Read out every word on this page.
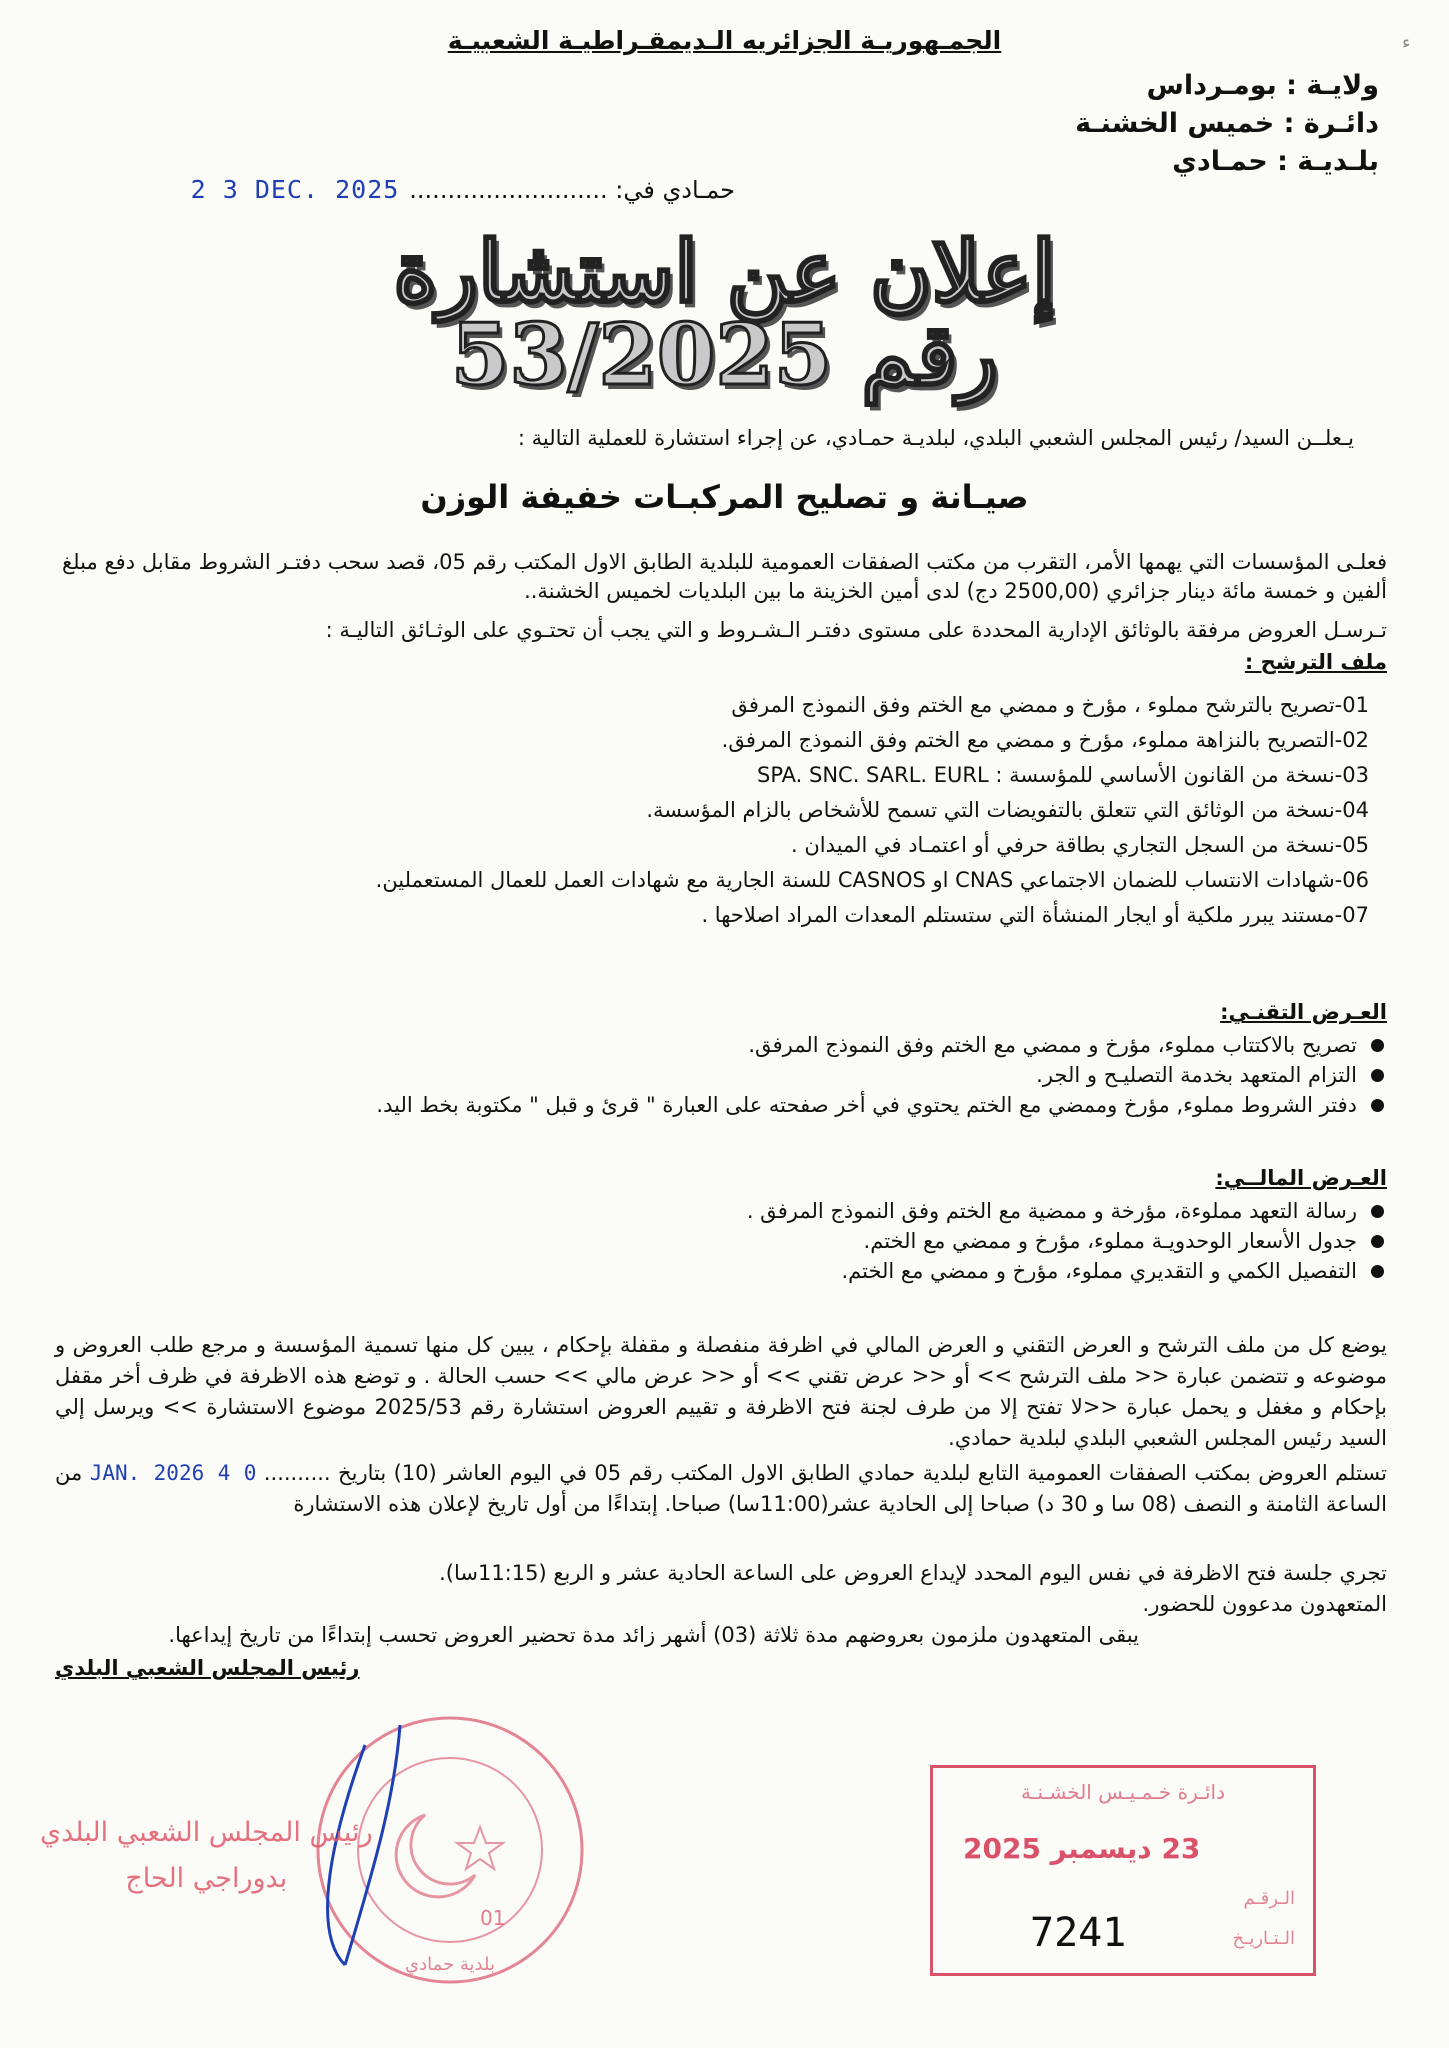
ء
الجمـهوريـة الجزائريه الـديمقـراطيـة الشعبيـة
ولايـة : بومـرداس
دائـرة : خميس الخشنـة
بلـديـة : حمـادي
حمـادي في: ..........................
2 3 DEC. 2025
إعلان عن استشارة
رقم 53/2025
يـعلــن السيد/ رئيس المجلس الشعبي البلدي، لبلديـة حمـادي، عن إجراء استشارة للعملية التالية :
صيـانة و تصليح المركبـات خفيفة الوزن
فعلـى المؤسسات التي يهمها الأمر، التقرب من مكتب الصفقات العمومية للبلدية الطابق الاول المكتب رقم 05، قصد سحب دفتـر الشروط مقابل دفع مبلغ ألفين و خمسة مائة دينار جزائري (2500,00 دج) لدى أمين الخزينة ما بين البلديات لخميس الخشنة..
تـرسـل العروض مرفقة بالوثائق الإدارية المحددة على مستوى دفتـر الـشـروط و التي يجب أن تحتـوي على الوثـائق التاليـة :
ملف الترشح :
01-تصريح بالترشح مملوء ، مؤرخ و ممضي مع الختم وفق النموذج المرفق
02-التصريح بالنزاهة مملوء، مؤرخ و ممضي مع الختم وفق النموذج المرفق.
03-نسخة من القانون الأساسي للمؤسسة : SPA. SNC. SARL. EURL
04-نسخة من الوثائق التي تتعلق بالتفويضات التي تسمح للأشخاص بالزام المؤسسة.
05-نسخة من السجل التجاري بطاقة حرفي أو اعتمـاد في الميدان .
06-شهادات الانتساب للضمان الاجتماعي CNAS او CASNOS للسنة الجارية مع شهادات العمل للعمال المستعملين.
07-مستند يبرر ملكية أو ايجار المنشأة التي ستستلم المعدات المراد اصلاحها .
العـرض التقنـي:
تصريح بالاكتتاب مملوء، مؤرخ و ممضي مع الختم وفق النموذج المرفق.
التزام المتعهد بخدمة التصليـح و الجر.
دفتر الشروط مملوء, مؤرخ وممضي مع الختم يحتوي في أخر صفحته على العبارة " قرئ و قبل " مكتوبة بخط اليد.
العـرض المالــي:
رسالة التعهد مملوءة، مؤرخة و ممضية مع الختم وفق النموذج المرفق .
جدول الأسعار الوحدويـة مملوء، مؤرخ و ممضي مع الختم.
التفصيل الكمي و التقديري مملوء، مؤرخ و ممضي مع الختم.
يوضع كل من ملف الترشح و العرض التقني و العرض المالي في اظرفة منفصلة و مقفلة بإحكام ، يبين كل منها تسمية المؤسسة و مرجع طلب العروض و موضوعه و تتضمن عبارة << ملف الترشح >> أو << عرض تقني >> أو << عرض مالي >> حسب الحالة . و توضع هذه الاظرفة في ظرف أخر مقفل بإحكام و مغفل و يحمل عبارة <<لا تفتح إلا من طرف لجنة فتح الاظرفة و تقييم العروض استشارة رقم 2025/53 موضوع الاستشارة >> ويرسل إلي السيد رئيس المجلس الشعبي البلدي لبلدية حمادي.
تستلم العروض بمكتب الصفقات العمومية التابع لبلدية حمادي الطابق الاول المكتب رقم 05 في اليوم العاشر (10) بتاريخ .......... 0 4 JAN. 2026 من الساعة الثامنة و النصف (08 سا و 30 د) صباحا إلى الحادية عشر(11:00سا) صباحا. إبتداءًا من أول تاريخ لإعلان هذه الاستشارة
تجري جلسة فتح الاظرفة في نفس اليوم المحدد لإيداع العروض على الساعة الحادية عشر و الربع (11:15سا).
المتعهدون مدعوون للحضور.
يبقى المتعهدون ملزمون بعروضهم مدة ثلاثة (03) أشهر زائد مدة تحضير العروض تحسب إبتداءًا من تاريخ إيداعها.
رئيس المجلس الشعبي البلدي
01
بلدية حمادي
رئيس المجلس الشعبي البلدي
بدوراجي الحاج
دائـرة خـمـيـس الخشـنـة
23 ديسمبر 2025
الـرقـم
الـتـاريـخ
7241
